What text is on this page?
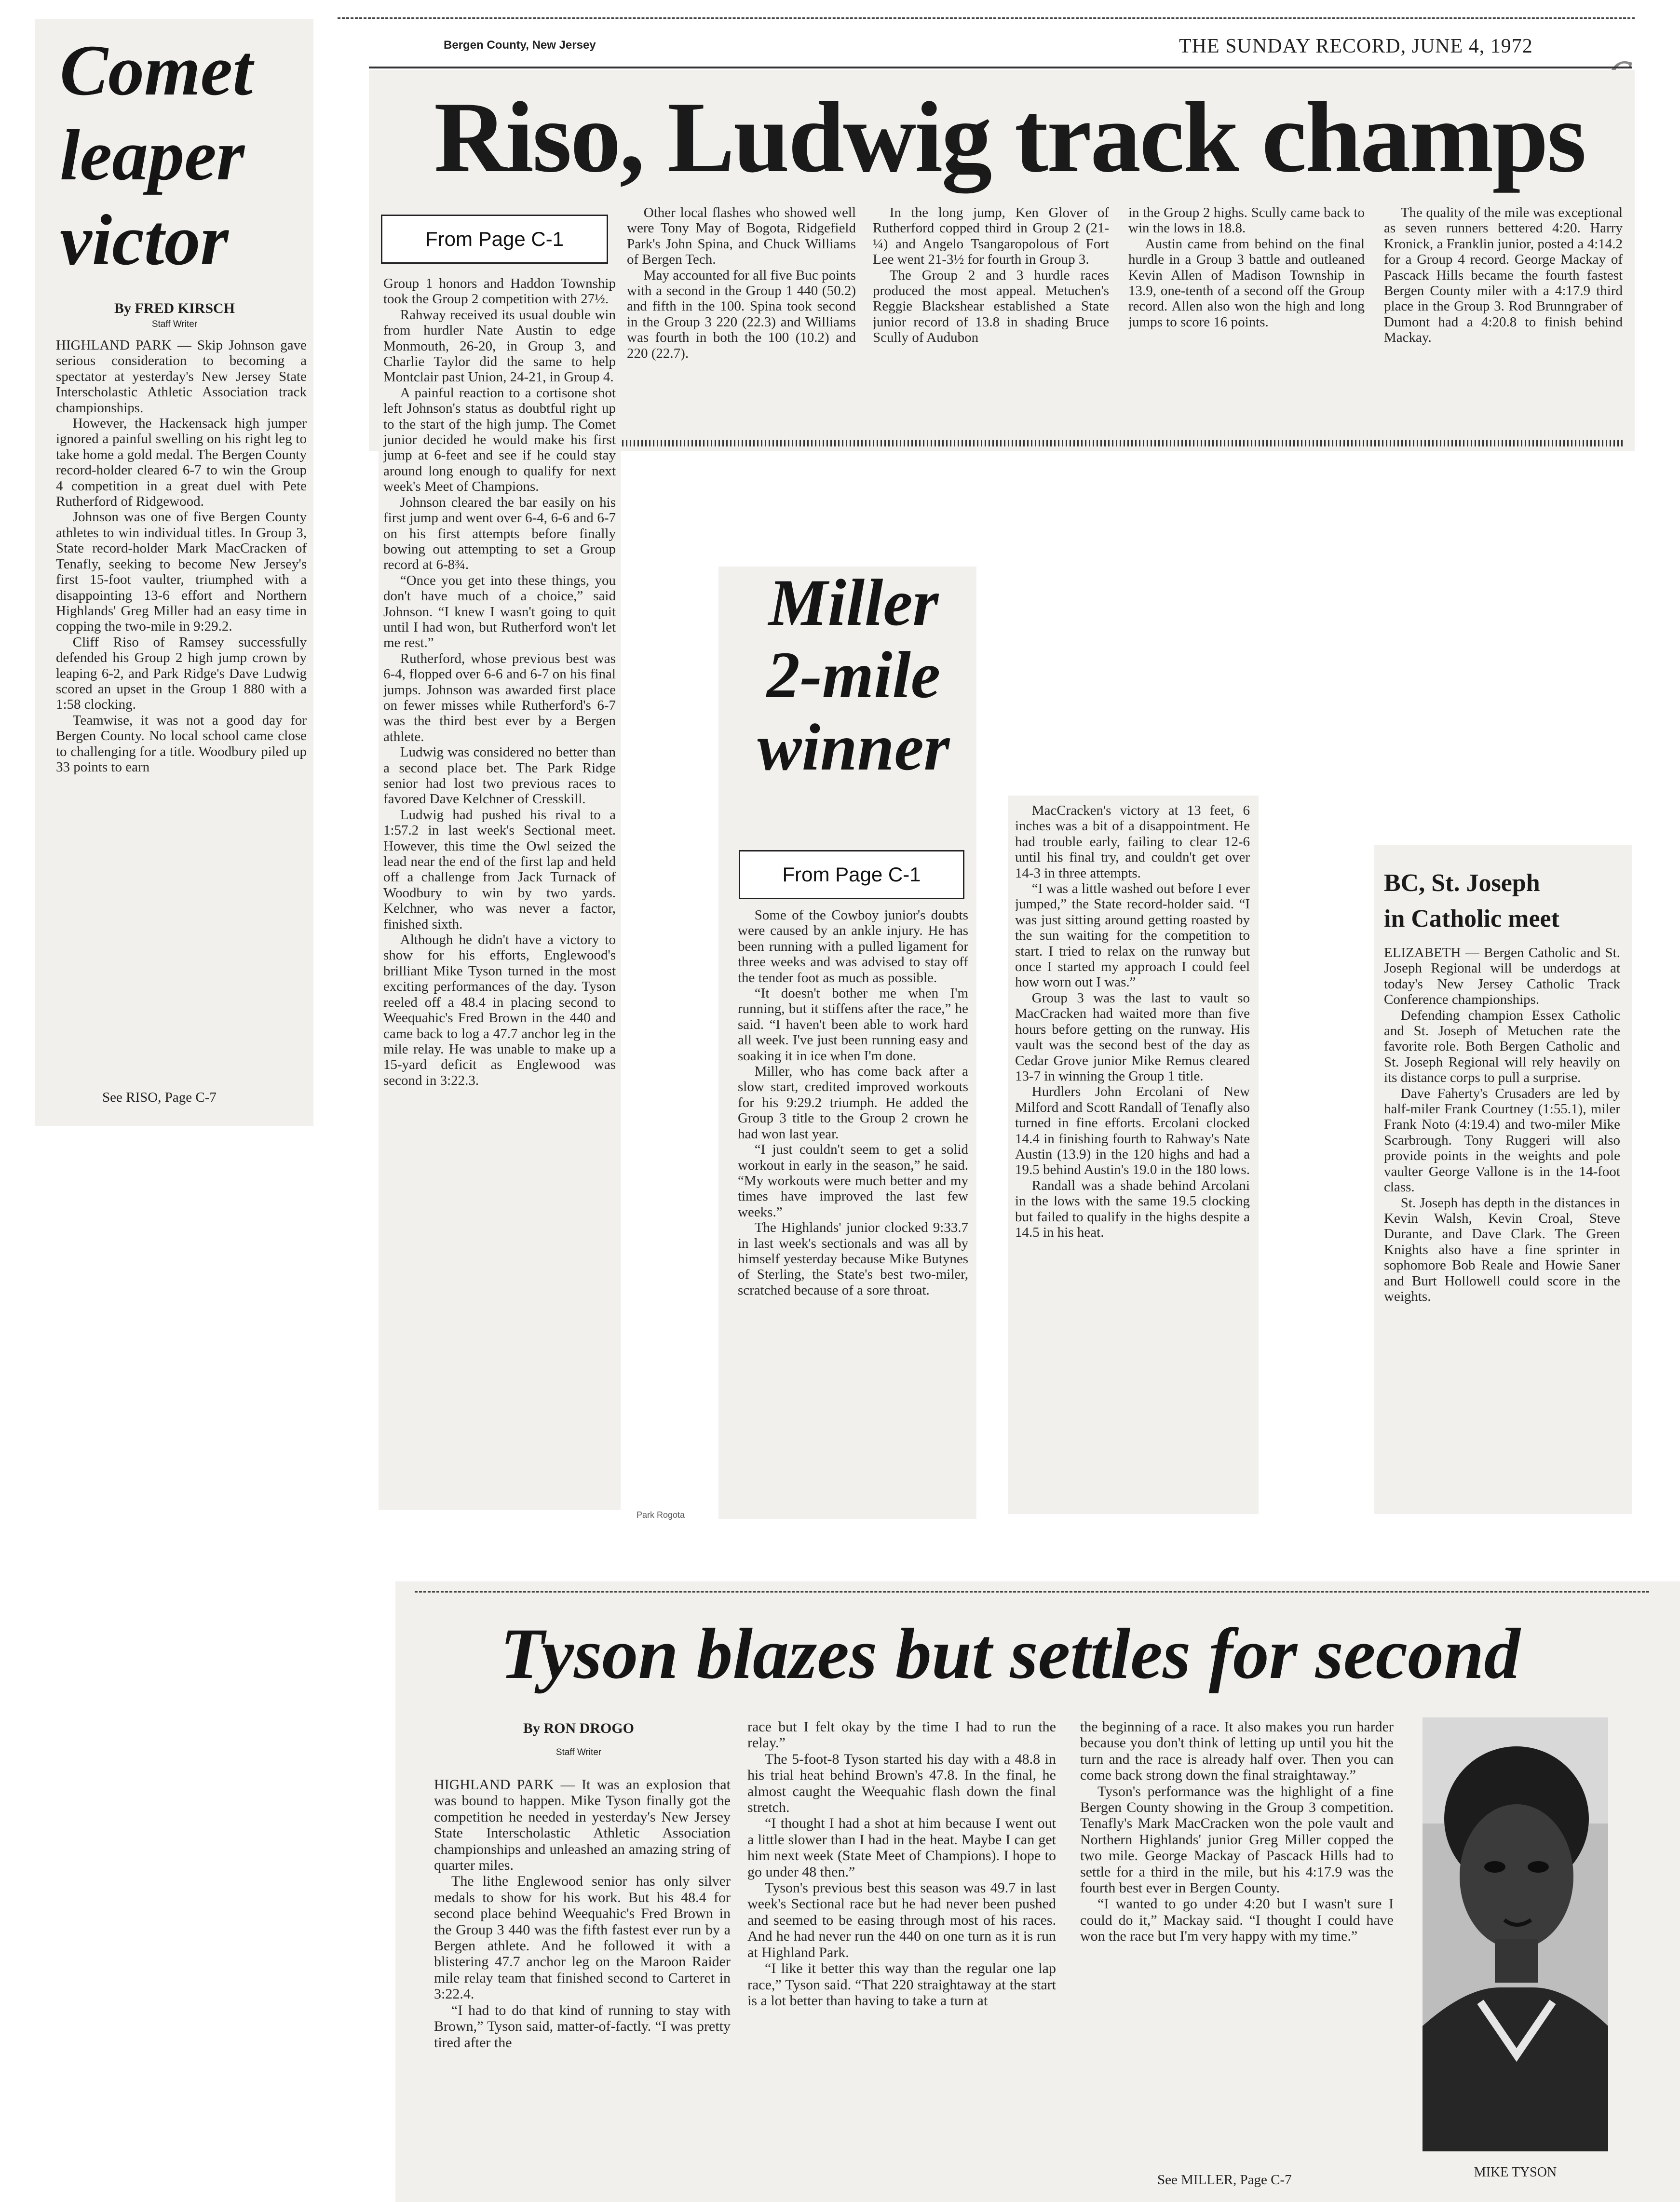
Comet

leaper

victor

By FRED KIRSCH
Staff Writer

HIGHLAND PARK — Skip Johnson gave serious consideration to becoming a spectator at yesterday's New Jersey State Interscholastic Athletic Association track championships.

However, the Hackensack high jumper ignored a painful swelling on his right leg to take home a gold medal. The Bergen County record-holder cleared 6-7 to win the Group 4 competition in a great duel with Pete Rutherford of Ridgewood.

Johnson was one of five Bergen County athletes to win individual titles. In Group 3, State record-holder Mark MacCracken of Tenafly, seeking to become New Jersey's first 15-foot vaulter, triumphed with a disappointing 13-6 effort and Northern Highlands' Greg Miller had an easy time in copping the two-mile in 9:29.2.

Cliff Riso of Ramsey successfully defended his Group 2 high jump crown by leaping 6-2, and Park Ridge's Dave Ludwig scored an upset in the Group 1 880 with a 1:58 clocking.

Teamwise, it was not a good day for Bergen County. No local school came close to challenging for a title. Woodbury piled up 33 points to earn

See RISO, Page C-7
Bergen County, New Jersey	THE SUNDAY RECORD, JUNE 4, 1972
Riso, Ludwig track champs
From Page C-1

Group 1 honors and Haddon Township took the Group 2 competition with 27½.

Rahway received its usual double win from hurdler Nate Austin to edge Monmouth, 26-20, in Group 3, and Charlie Taylor did the same to help Montclair past Union, 24-21, in Group 4.

A painful reaction to a cortisone shot left Johnson's status as doubtful right up to the start of the high jump. The Comet junior decided he would make his first jump at 6-feet and see if he could stay around long enough to qualify for next week's Meet of Champions.

Johnson cleared the bar easily on his first jump and went over 6-4, 6-6 and 6-7 on his first attempts before finally bowing out attempting to set a Group record at 6-8¾.

“Once you get into these things, you don't have much of a choice,” said Johnson. “I knew I wasn't going to quit until I had won, but Rutherford won't let me rest.”

Rutherford, whose previous best was 6-4, flopped over 6-6 and 6-7 on his final jumps. Johnson was awarded first place on fewer misses while Rutherford's 6-7 was the third best ever by a Bergen athlete.

Ludwig was considered no better than a second place bet. The Park Ridge senior had lost two previous races to favored Dave Kelchner of Cresskill.

Ludwig had pushed his rival to a 1:57.2 in last week's Sectional meet. However, this time the Owl seized the lead near the end of the first lap and held off a challenge from Jack Turnack of Woodbury to win by two yards. Kelchner, who was never a factor, finished sixth.

Although he didn't have a victory to show for his efforts, Englewood's brilliant Mike Tyson turned in the most exciting performances of the day. Tyson reeled off a 48.4 in placing second to Weequahic's Fred Brown in the 440 and came back to log a 47.7 anchor leg in the mile relay. He was unable to make up a 15-yard deficit as Englewood was second in 3:22.3.

Other local flashes who showed well were Tony May of Bogota, Ridgefield Park's John Spina, and Chuck Williams of Bergen Tech.

May accounted for all five Buc points with a second in the Group 1 440 (50.2) and fifth in the 100. Spina took second in the Group 3 220 (22.3) and Williams was fourth in both the 100 (10.2) and 220 (22.7).

In the long jump, Ken Glover of Rutherford copped third in Group 2 (21-¼) and Angelo Tsangaropolous of Fort Lee went 21-3½ for fourth in Group 3.

The Group 2 and 3 hurdle races produced the most appeal. Metuchen's Reggie Blackshear established a State junior record of 13.8 in shading Bruce Scully of Audubon

in the Group 2 highs. Scully came back to win the lows in 18.8.

Austin came from behind on the final hurdle in a Group 3 battle and outleaned Kevin Allen of Madison Township in 13.9, one-tenth of a second off the Group record. Allen also won the high and long jumps to score 16 points.

The quality of the mile was exceptional as seven runners bettered 4:20. Harry Kronick, a Franklin junior, posted a 4:14.2 for a Group 4 record. George Mackay of Pascack Hills became the fourth fastest Bergen County miler with a 4:17.9 third place in the Group 3. Rod Brunngraber of Dumont had a 4:20.8 to finish behind Mackay.

Park Rogota

Miller

2-mile

winner

From Page C-1

Some of the Cowboy junior's doubts were caused by an ankle injury. He has been running with a pulled ligament for three weeks and was advised to stay off the tender foot as much as possible.

“It doesn't bother me when I'm running, but it stiffens after the race,” he said. “I haven't been able to work hard all week. I've just been running easy and soaking it in ice when I'm done.

Miller, who has come back after a slow start, credited improved workouts for his 9:29.2 triumph. He added the Group 3 title to the Group 2 crown he had won last year.

“I just couldn't seem to get a solid workout in early in the season,” he said. “My workouts were much better and my times have improved the last few weeks.”

The Highlands' junior clocked 9:33.7 in last week's sectionals and was all by himself yesterday because Mike Butynes of Sterling, the State's best two-miler, scratched because of a sore throat.

MacCracken's victory at 13 feet, 6 inches was a bit of a disappointment. He had trouble early, failing to clear 12-6 until his final try, and couldn't get over 14-3 in three attempts.

“I was a little washed out before I ever jumped,” the State record-holder said. “I was just sitting around getting roasted by the sun waiting for the competition to start. I tried to relax on the runway but once I started my approach I could feel how worn out I was.”

Group 3 was the last to vault so MacCracken had waited more than five hours before getting on the runway. His vault was the second best of the day as Cedar Grove junior Mike Remus cleared 13-7 in winning the Group 1 title.

Hurdlers John Ercolani of New Milford and Scott Randall of Tenafly also turned in fine efforts. Ercolani clocked 14.4 in finishing fourth to Rahway's Nate Austin (13.9) in the 120 highs and had a 19.5 behind Austin's 19.0 in the 180 lows.

Randall was a shade behind Arcolani in the lows with the same 19.5 clocking but failed to qualify in the highs despite a 14.5 in his heat.

BC, St. Joseph
in Catholic meet

ELIZABETH — Bergen Catholic and St. Joseph Regional will be underdogs at today's New Jersey Catholic Track Conference championships.

Defending champion Essex Catholic and St. Joseph of Metuchen rate the favorite role. Both Bergen Catholic and St. Joseph Regional will rely heavily on its distance corps to pull a surprise.

Dave Faherty's Crusaders are led by half-miler Frank Courtney (1:55.1), miler Frank Noto (4:19.4) and two-miler Mike Scarbrough. Tony Ruggeri will also provide points in the weights and pole vaulter George Vallone is in the 14-foot class.

St. Joseph has depth in the distances in Kevin Walsh, Kevin Croal, Steve Durante, and Dave Clark. The Green Knights also have a fine sprinter in sophomore Bob Reale and Howie Saner and Burt Hollowell could score in the weights.

Tyson blazes but settles for second
By RON DROGO
Staff Writer

HIGHLAND PARK — It was an explosion that was bound to happen. Mike Tyson finally got the competition he needed in yesterday's New Jersey State Interscholastic Athletic Association championships and unleashed an amazing string of quarter miles.

The lithe Englewood senior has only silver medals to show for his work. But his 48.4 for second place behind Weequahic's Fred Brown in the Group 3 440 was the fifth fastest ever run by a Bergen athlete. And he followed it with a blistering 47.7 anchor leg on the Maroon Raider mile relay team that finished second to Carteret in 3:22.4.

“I had to do that kind of running to stay with Brown,” Tyson said, matter-of-factly. “I was pretty tired after the

race but I felt okay by the time I had to run the relay.”

The 5-foot-8 Tyson started his day with a 48.8 in his trial heat behind Brown's 47.8. In the final, he almost caught the Weequahic flash down the final stretch.

“I thought I had a shot at him because I went out a little slower than I had in the heat. Maybe I can get him next week (State Meet of Champions). I hope to go under 48 then.”

Tyson's previous best this season was 49.7 in last week's Sectional race but he had never been pushed and seemed to be easing through most of his races. And he had never run the 440 on one turn as it is run at Highland Park.

“I like it better this way than the regular one lap race,” Tyson said. “That 220 straightaway at the start is a lot better than having to take a turn at

the beginning of a race. It also makes you run harder because you don't think of letting up until you hit the turn and the race is already half over. Then you can come back strong down the final straightaway.”

Tyson's performance was the highlight of a fine Bergen County showing in the Group 3 competition. Tenafly's Mark MacCracken won the pole vault and Northern Highlands' junior Greg Miller copped the two mile. George Mackay of Pascack Hills had to settle for a third in the mile, but his 4:17.9 was the fourth best ever in Bergen County.

“I wanted to go under 4:20 but I wasn't sure I could do it,” Mackay said. “I thought I could have won the race but I'm very happy with my time.”

See MILLER, Page C-7	MIKE TYSON
